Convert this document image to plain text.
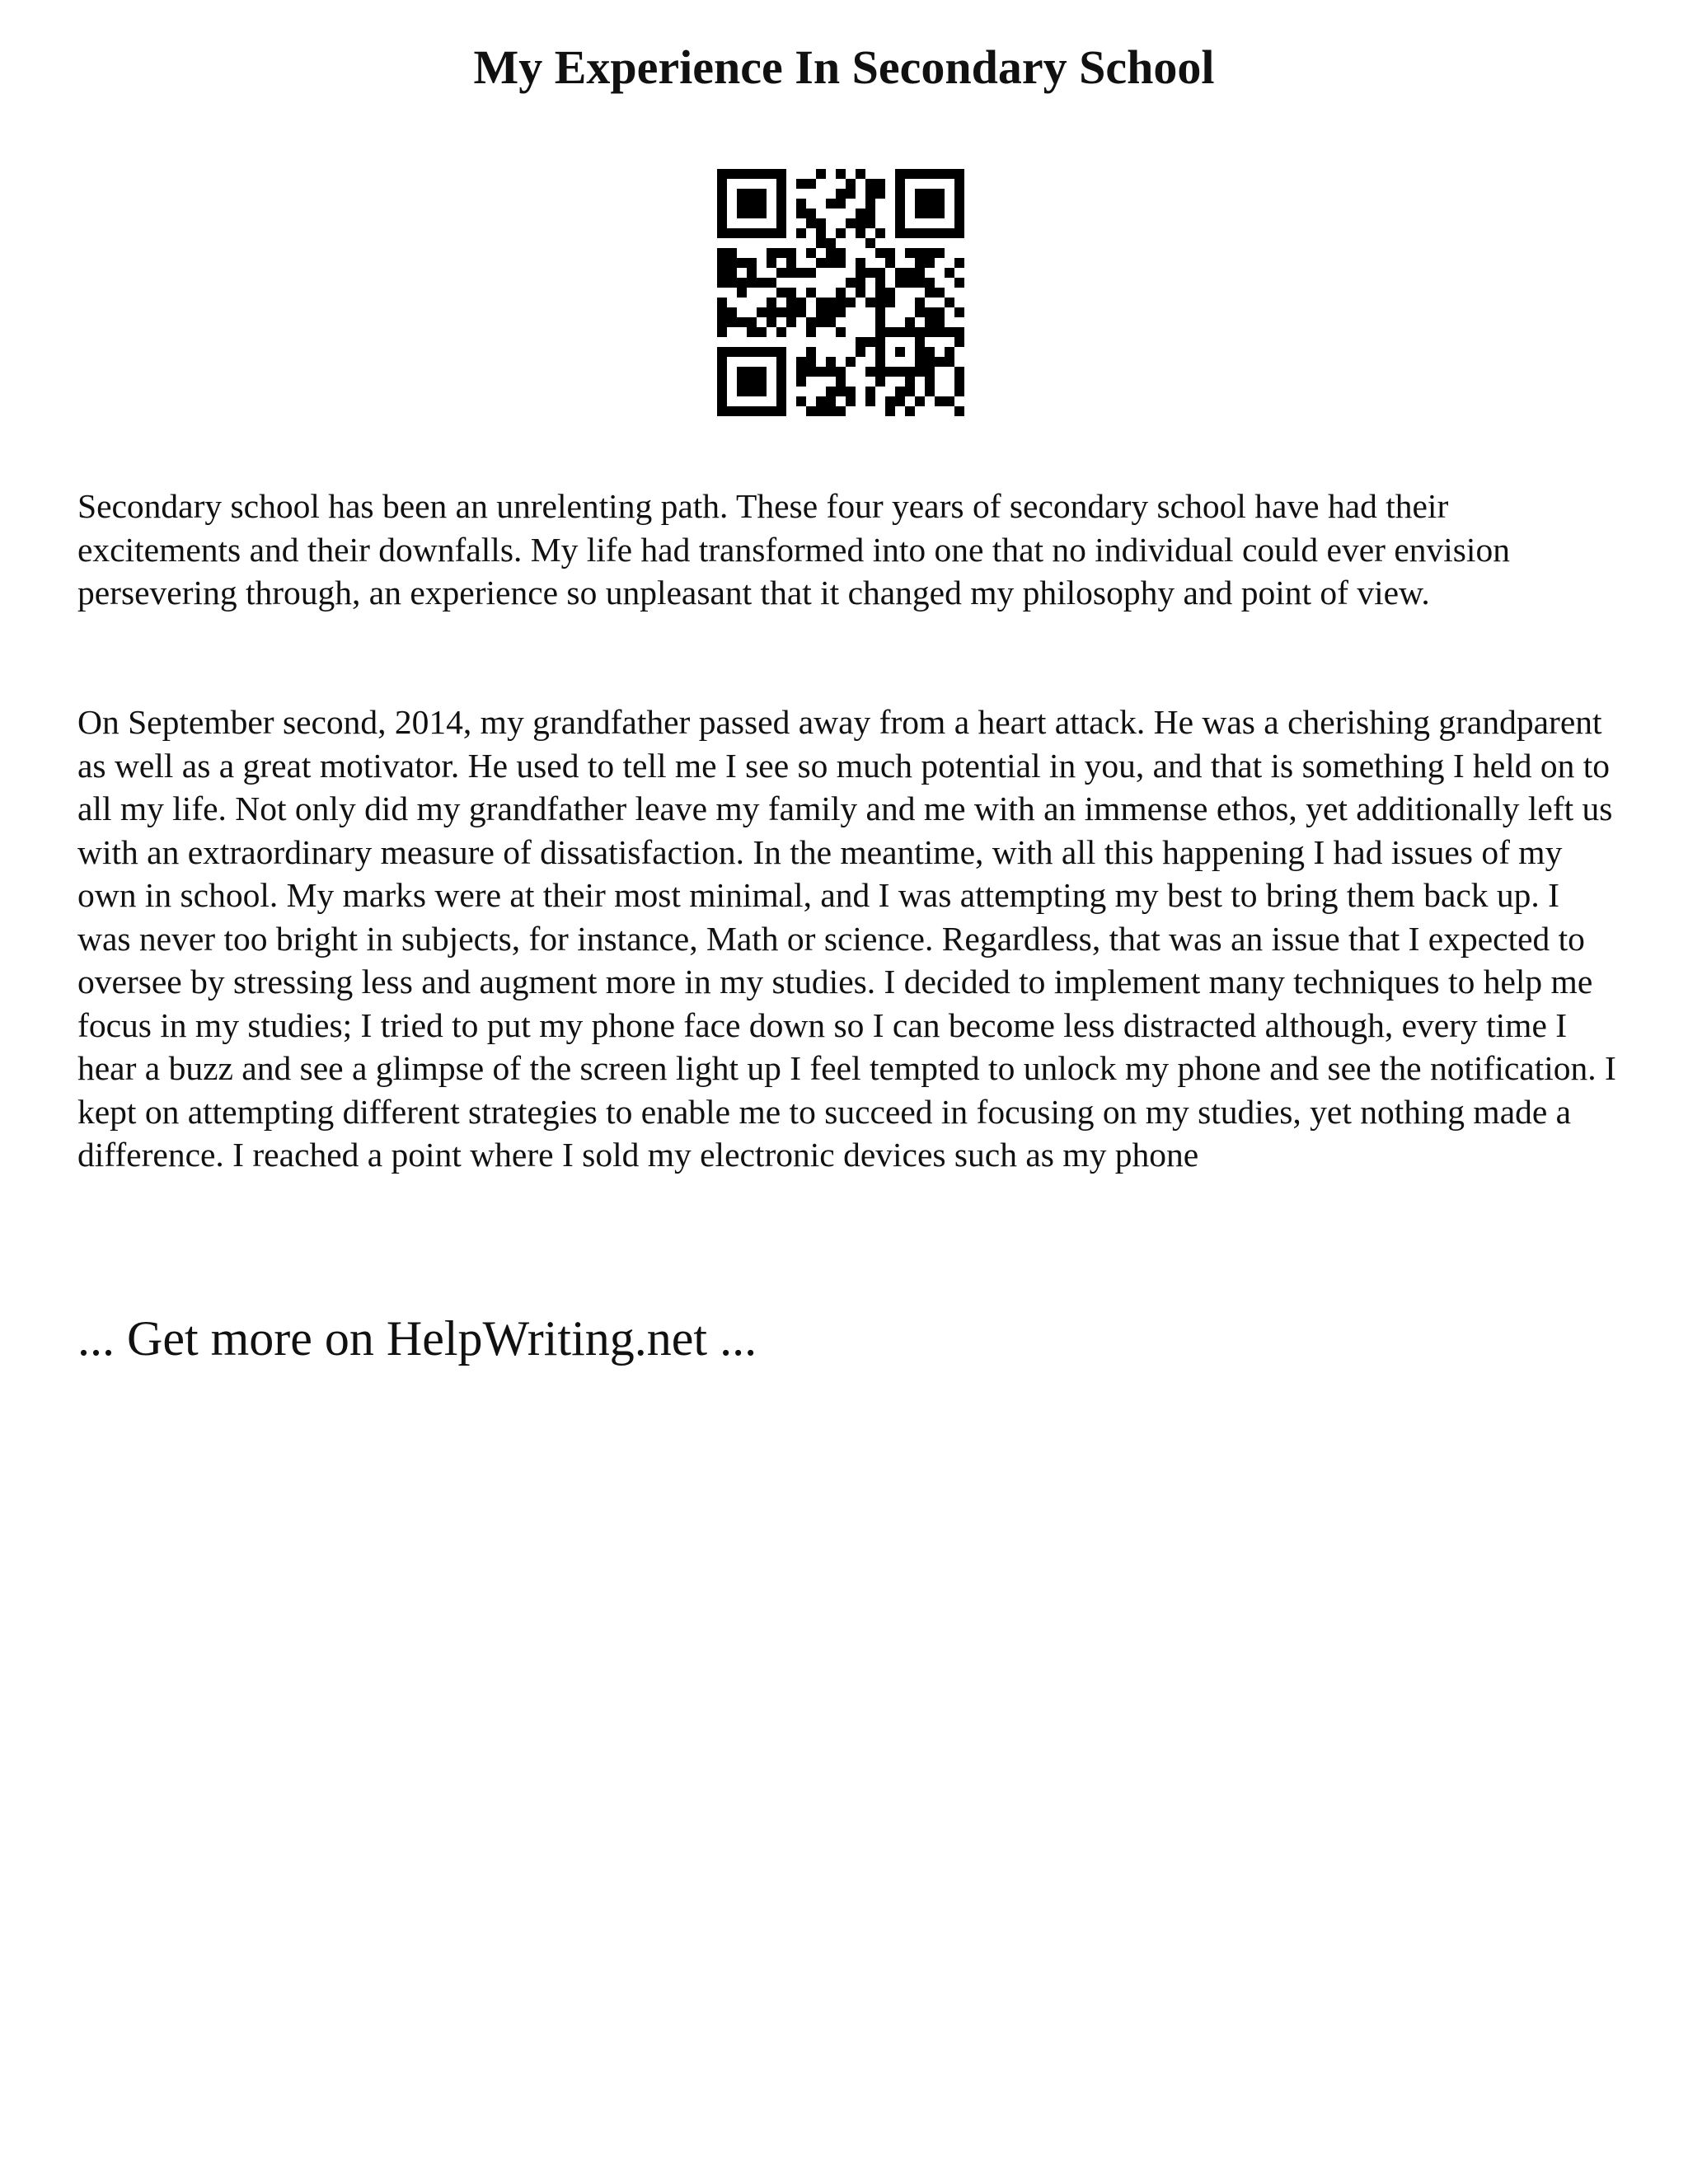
My Experience In Secondary School

Secondary school has been an unrelenting path. These four years of secondary school have had their excitements and their downfalls. My life had transformed into one that no individual could ever envision persevering through, an experience so unpleasant that it changed my philosophy and point of view.

On September second, 2014, my grandfather passed away from a heart attack. He was a cherishing grandparent as well as a great motivator. He used to tell me I see so much potential in you, and that is something I held on to all my life. Not only did my grandfather leave my family and me with an immense ethos, yet additionally left us with an extraordinary measure of dissatisfaction. In the meantime, with all this happening I had issues of my own in school. My marks were at their most minimal, and I was attempting my best to bring them back up. I was never too bright in subjects, for instance, Math or science. Regardless, that was an issue that I expected to oversee by stressing less and augment more in my studies. I decided to implement many techniques to help me focus in my studies; I tried to put my phone face down so I can become less distracted although, every time I hear a buzz and see a glimpse of the screen light up I feel tempted to unlock my phone and see the notification. I kept on attempting different strategies to enable me to succeed in focusing on my studies, yet nothing made a difference. I reached a point where I sold my electronic devices such as my phone

... Get more on HelpWriting.net ...
